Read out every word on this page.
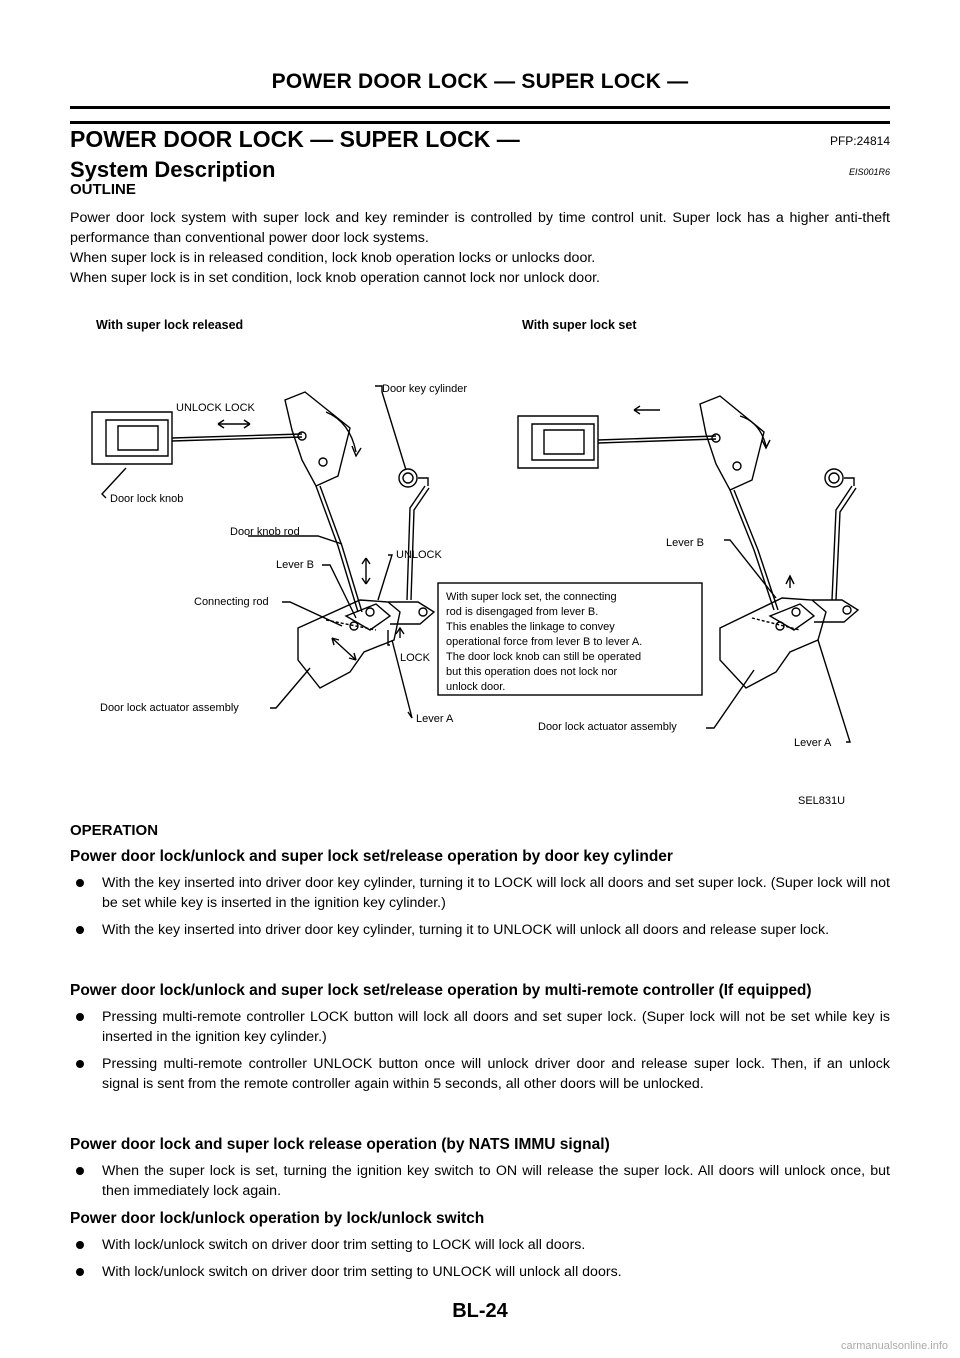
POWER DOOR LOCK — SUPER LOCK —
POWER DOOR LOCK — SUPER LOCK —	PFP:24814
System Description	EIS001R6
OUTLINE

Power door lock system with super lock and key reminder is controlled by time control unit. Super lock has a higher anti-theft performance than conventional power door lock systems.

When super lock is in released condition, lock knob operation locks or unlocks door.

When super lock is in set condition, lock knob operation cannot lock nor unlock door.

With super lock released	With super lock set
UNLOCK LOCK
Door key cylinder
Door lock knob
Door knob rod
Lever B
Connecting rod
UNLOCK
LOCK
Door lock actuator assembly
Lever A
Lever B
Door lock actuator assembly
Lever A
With super lock set, the connecting
rod is disengaged from lever B.
This enables the linkage to convey
operational force from lever B to lever A.
The door lock knob can still be operated
but this operation does not lock nor
unlock door.
SEL831U

OPERATION

Power door lock/unlock and super lock set/release operation by door key cylinder

With the key inserted into driver door key cylinder, turning it to LOCK will lock all doors and set super lock. (Super lock will not be set while key is inserted in the ignition key cylinder.)
With the key inserted into driver door key cylinder, turning it to UNLOCK will unlock all doors and release super lock.

Power door lock/unlock and super lock set/release operation by multi-remote controller (If equipped)

Pressing multi-remote controller LOCK button will lock all doors and set super lock. (Super lock will not be set while key is inserted in the ignition key cylinder.)
Pressing multi-remote controller UNLOCK button once will unlock driver door and release super lock. Then, if an unlock signal is sent from the remote controller again within 5 seconds, all other doors will be unlocked.

Power door lock and super lock release operation (by NATS IMMU signal)

When the super lock is set, turning the ignition key switch to ON will release the super lock. All doors will unlock once, but then immediately lock again.

Power door lock/unlock operation by lock/unlock switch

With lock/unlock switch on driver door trim setting to LOCK will lock all doors.
With lock/unlock switch on driver door trim setting to UNLOCK will unlock all doors.
BL-24
carmanualsonline.info
